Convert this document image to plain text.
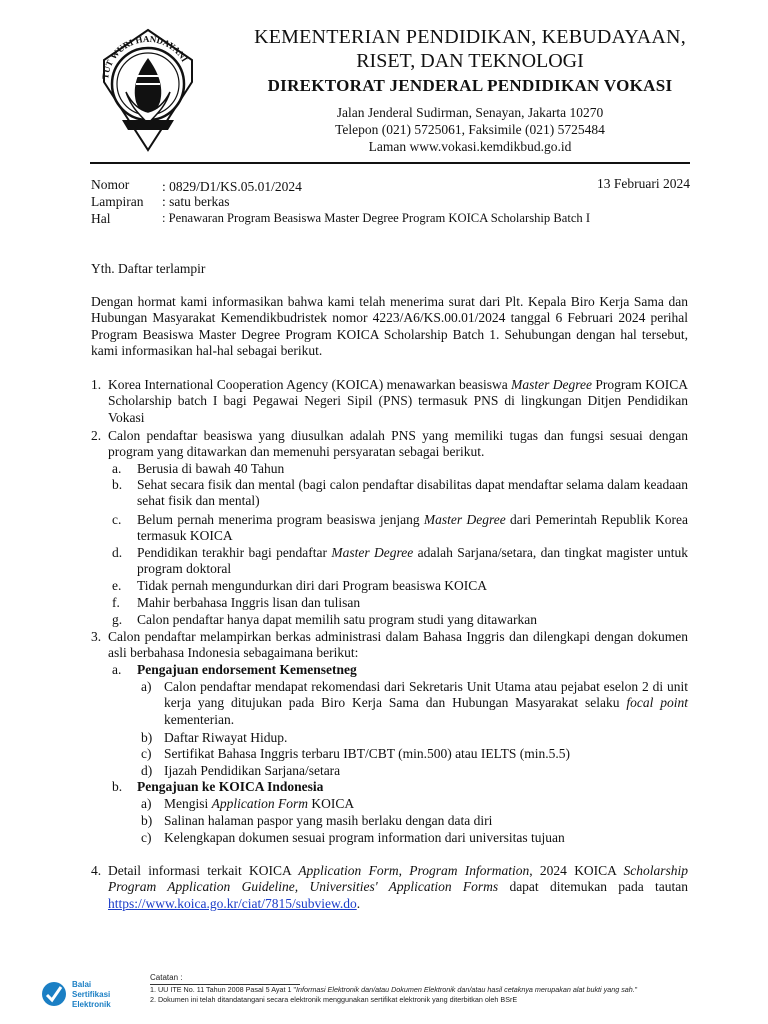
TUT WURI HANDAYANI
KEMENTERIAN PENDIDIKAN, KEBUDAYAAN,
RISET, DAN TEKNOLOGI
DIREKTORAT JENDERAL PENDIDIKAN VOKASI
Jalan Jenderal Sudirman, Senayan, Jakarta 10270
Telepon (021) 5725061, Faksimile (021) 5725484
Laman www.vokasi.kemdikbud.go.id
Nomor : 0829/D1/KS.05.01/2024	13 Februari 2024
Lampiran : satu berkas
Hal	: Penawaran Program Beasiswa Master Degree Program KOICA Scholarship Batch I
Yth. Daftar terlampir
Dengan hormat kami informasikan bahwa kami telah menerima surat dari Plt. Kepala Biro Kerja Sama dan Hubungan Masyarakat Kemendikbudristek nomor 4223/A6/KS.00.01/2024 tanggal 6 Februari 2024 perihal Program Beasiswa Master Degree Program KOICA Scholarship Batch 1. Sehubungan dengan hal tersebut, kami informasikan hal-hal sebagai berikut.
1. Korea International Cooperation Agency (KOICA) menawarkan beasiswa Master Degree Program KOICA Scholarship batch I bagi Pegawai Negeri Sipil (PNS) termasuk PNS di lingkungan Ditjen Pendidikan Vokasi
2. Calon pendaftar beasiswa yang diusulkan adalah PNS yang memiliki tugas dan fungsi sesuai dengan program yang ditawarkan dan memenuhi persyaratan sebagai berikut.
a. Berusia di bawah 40 Tahun
b. Sehat secara fisik dan mental (bagi calon pendaftar disabilitas dapat mendaftar selama dalam keadaan sehat fisik dan mental)
c. Belum pernah menerima program beasiswa jenjang Master Degree dari Pemerintah Republik Korea termasuk KOICA
d. Pendidikan terakhir bagi pendaftar Master Degree adalah Sarjana/setara, dan tingkat magister untuk program doktoral
e. Tidak pernah mengundurkan diri dari Program beasiswa KOICA
f. Mahir berbahasa Inggris lisan dan tulisan
g. Calon pendaftar hanya dapat memilih satu program studi yang ditawarkan
3. Calon pendaftar melampirkan berkas administrasi dalam Bahasa Inggris dan dilengkapi dengan dokumen asli berbahasa Indonesia sebagaimana berikut:
a. Pengajuan endorsement Kemensetneg
a) Calon pendaftar mendapat rekomendasi dari Sekretaris Unit Utama atau pejabat eselon 2 di unit kerja yang ditujukan pada Biro Kerja Sama dan Hubungan Masyarakat selaku focal point kementerian.
b) Daftar Riwayat Hidup.
c) Sertifikat Bahasa Inggris terbaru IBT/CBT (min.500) atau IELTS (min.5.5)
d) Ijazah Pendidikan Sarjana/setara
b. Pengajuan ke KOICA Indonesia
a) Mengisi Application Form KOICA
b) Salinan halaman paspor yang masih berlaku dengan data diri
c) Kelengkapan dokumen sesuai program information dari universitas tujuan
4. Detail informasi terkait KOICA Application Form, Program Information, 2024 KOICA Scholarship Program Application Guideline, Universities' Application Forms dapat ditemukan pada tautan https://www.koica.go.kr/ciat/7815/subview.do.
Balai
Sertifikasi
Elektronik
Catatan :
1. UU ITE No. 11 Tahun 2008 Pasal 5 Ayat 1 "Informasi Elektronik dan/atau Dokumen Elektronik dan/atau hasil cetaknya merupakan alat bukti yang sah."
2. Dokumen ini telah ditandatangani secara elektronik menggunakan sertifikat elektronik yang diterbitkan oleh BSrE
